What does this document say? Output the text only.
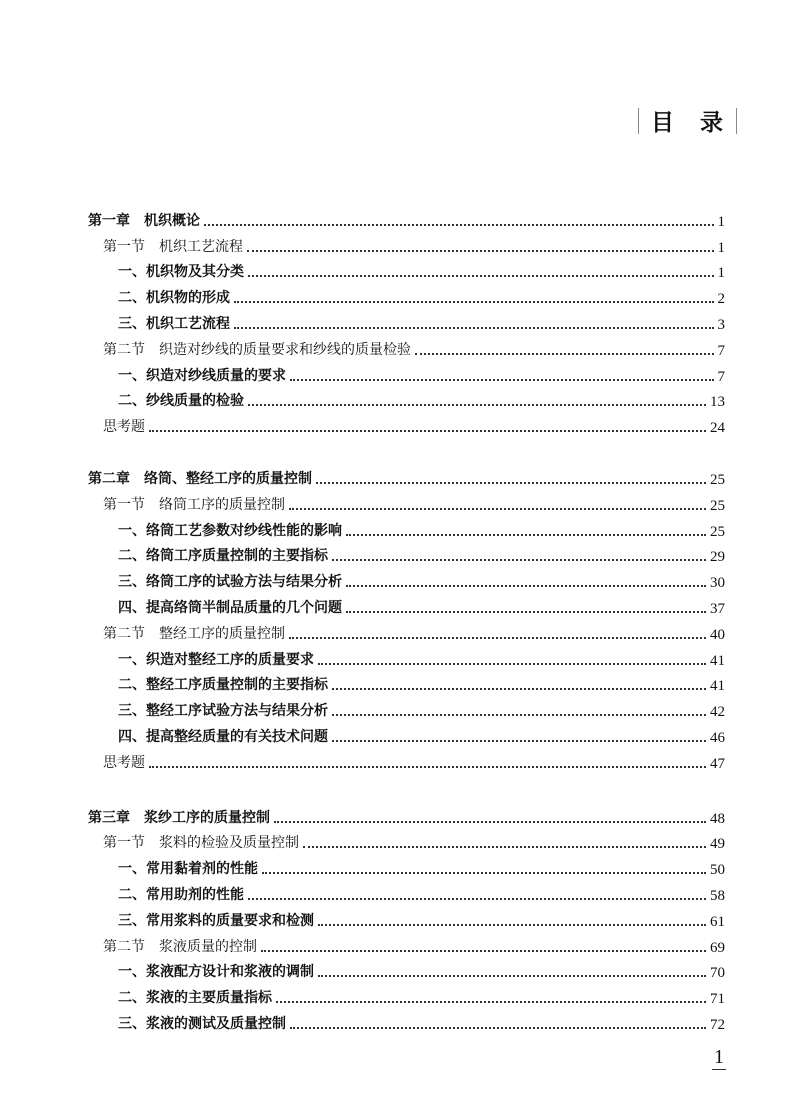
目 录
第一章　机织概论	1
第一节　机织工艺流程	1
一、机织物及其分类	1
二、机织物的形成	2
三、机织工艺流程	3
第二节　织造对纱线的质量要求和纱线的质量检验	7
一、织造对纱线质量的要求	7
二、纱线质量的检验	13
思考题	24
第二章　络筒、整经工序的质量控制	25
第一节　络筒工序的质量控制	25
一、络筒工艺参数对纱线性能的影响	25
二、络筒工序质量控制的主要指标	29
三、络筒工序的试验方法与结果分析	30
四、提高络筒半制品质量的几个问题	37
第二节　整经工序的质量控制	40
一、织造对整经工序的质量要求	41
二、整经工序质量控制的主要指标	41
三、整经工序试验方法与结果分析	42
四、提高整经质量的有关技术问题	46
思考题	47
第三章　浆纱工序的质量控制	48
第一节　浆料的检验及质量控制	49
一、常用黏着剂的性能	50
二、常用助剂的性能	58
三、常用浆料的质量要求和检测	61
第二节　浆液质量的控制	69
一、浆液配方设计和浆液的调制	70
二、浆液的主要质量指标	71
三、浆液的测试及质量控制	72
1
